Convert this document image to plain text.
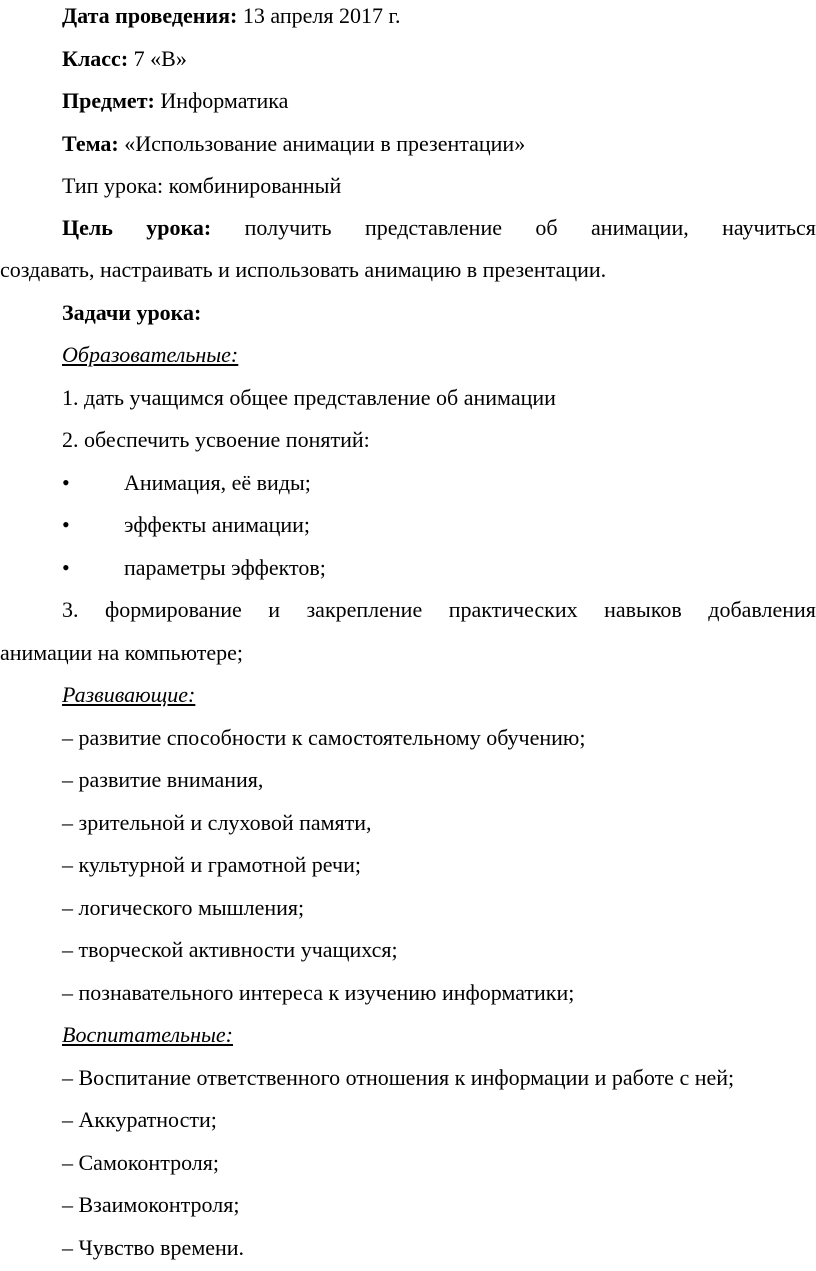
Дата проведения: 13 апреля 2017 г.
Класс: 7 «В»
Предмет: Информатика
Тема: «Использование анимации в презентации»
Тип урока: комбинированный
Цель урока: получить представление об анимации, научиться
создавать, настраивать и использовать анимацию в презентации.
Задачи урока:
Образовательные:
1. дать учащимся общее представление об анимации
2. обеспечить усвоение понятий:
• Анимация, её виды;
• эффекты анимации;
• параметры эффектов;
3. формирование и закрепление практических навыков добавления
анимации на компьютере;
Развивающие:
– развитие способности к самостоятельному обучению;
– развитие внимания,
– зрительной и слуховой памяти,
– культурной и грамотной речи;
– логического мышления;
– творческой активности учащихся;
– познавательного интереса к изучению информатики;
Воспитательные:
– Воспитание ответственного отношения к информации и работе с ней;
– Аккуратности;
– Самоконтроля;
– Взаимоконтроля;
– Чувство времени.
